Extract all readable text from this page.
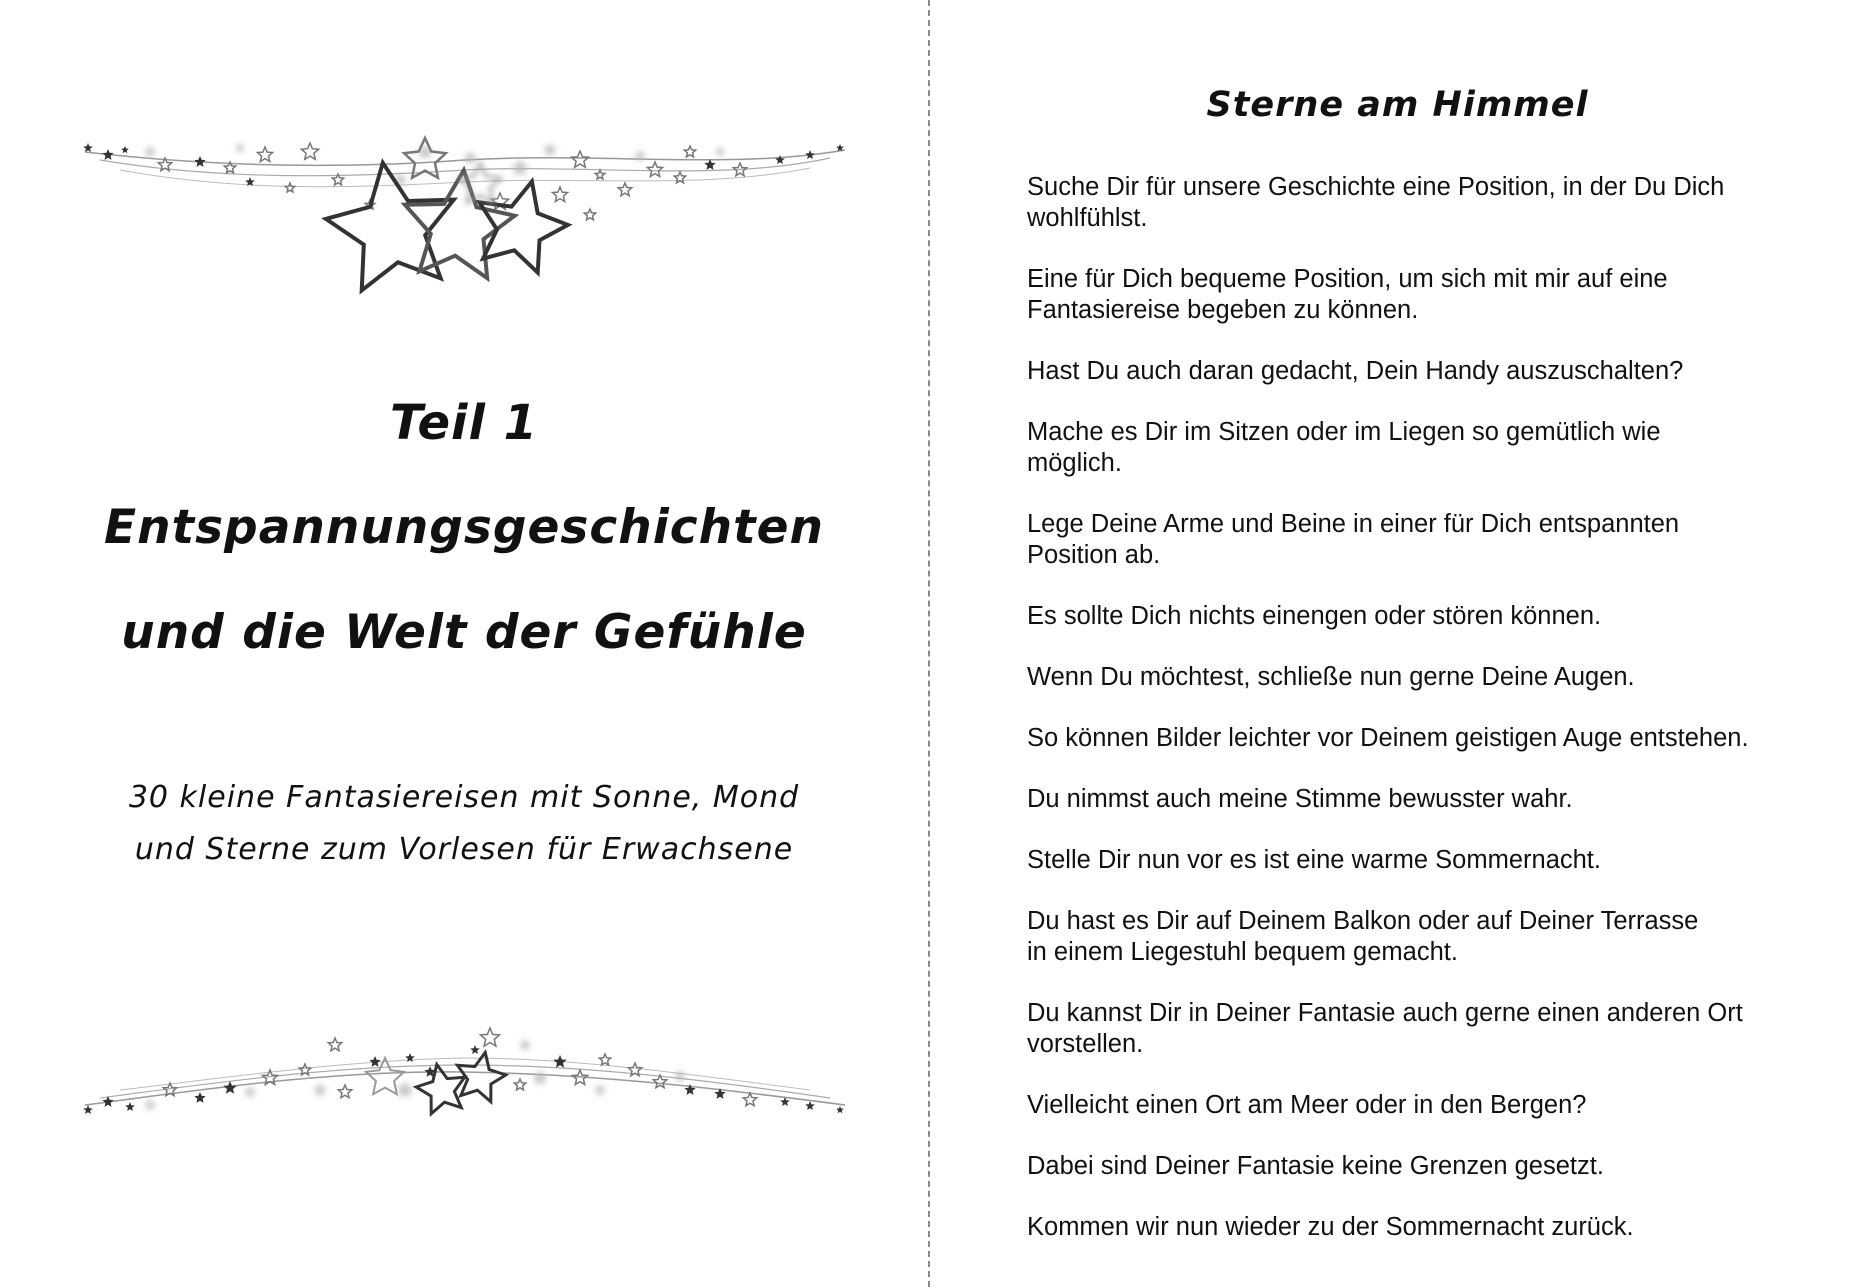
Teil 1
Entspannungsgeschichten
und die Welt der Gefühle
30 kleine Fantasiereisen mit Sonne, Mond
und Sterne zum Vorlesen für Erwachsene
Sterne am Himmel

Suche Dir für unsere Geschichte eine Position, in der Du Dich
wohlfühlst.

Eine für Dich bequeme Position, um sich mit mir auf eine
Fantasiereise begeben zu können.

Hast Du auch daran gedacht, Dein Handy auszuschalten?

Mache es Dir im Sitzen oder im Liegen so gemütlich wie
möglich.

Lege Deine Arme und Beine in einer für Dich entspannten
Position ab.

Es sollte Dich nichts einengen oder stören können.

Wenn Du möchtest, schließe nun gerne Deine Augen.

So können Bilder leichter vor Deinem geistigen Auge entstehen.

Du nimmst auch meine Stimme bewusster wahr.

Stelle Dir nun vor es ist eine warme Sommernacht.

Du hast es Dir auf Deinem Balkon oder auf Deiner Terrasse
in einem Liegestuhl bequem gemacht.

Du kannst Dir in Deiner Fantasie auch gerne einen anderen Ort
vorstellen.

Vielleicht einen Ort am Meer oder in den Bergen?

Dabei sind Deiner Fantasie keine Grenzen gesetzt.

Kommen wir nun wieder zu der Sommernacht zurück.
